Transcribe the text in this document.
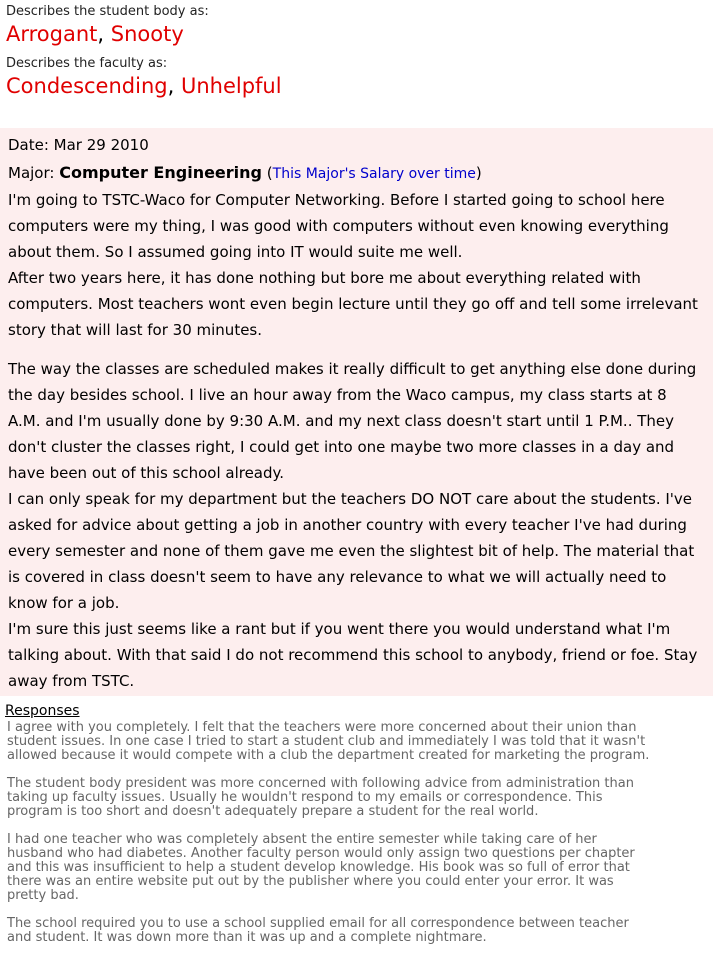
Describes the student body as:

Arrogant, Snooty

Describes the faculty as:

Condescending, Unhelpful

Date: Mar 29 2010

Major: Computer Engineering (This Major's Salary over time)

I'm going to TSTC-Waco for Computer Networking. Before I started going to school here

computers were my thing, I was good with computers without even knowing everything

about them. So I assumed going into IT would suite me well.

After two years here, it has done nothing but bore me about everything related with

computers. Most teachers wont even begin lecture until they go off and tell some irrelevant

story that will last for 30 minutes.

The way the classes are scheduled makes it really difficult to get anything else done during

the day besides school. I live an hour away from the Waco campus, my class starts at 8

A.M. and I'm usually done by 9:30 A.M. and my next class doesn't start until 1 P.M.. They

don't cluster the classes right, I could get into one maybe two more classes in a day and

have been out of this school already.

I can only speak for my department but the teachers DO NOT care about the students. I've

asked for advice about getting a job in another country with every teacher I've had during

every semester and none of them gave me even the slightest bit of help. The material that

is covered in class doesn't seem to have any relevance to what we will actually need to

know for a job.

I'm sure this just seems like a rant but if you went there you would understand what I'm

talking about. With that said I do not recommend this school to anybody, friend or foe. Stay

away from TSTC.

Responses
I agree with you completely. I felt that the teachers were more concerned about their union than
student issues. In one case I tried to start a student club and immediately I was told that it wasn't
allowed because it would compete with a club the department created for marketing the program.
The student body president was more concerned with following advice from administration than
taking up faculty issues. Usually he wouldn't respond to my emails or correspondence. This
program is too short and doesn't adequately prepare a student for the real world.
I had one teacher who was completely absent the entire semester while taking care of her
husband who had diabetes. Another faculty person would only assign two questions per chapter
and this was insufficient to help a student develop knowledge. His book was so full of error that
there was an entire website put out by the publisher where you could enter your error. It was
pretty bad.
The school required you to use a school supplied email for all correspondence between teacher
and student. It was down more than it was up and a complete nightmare.
